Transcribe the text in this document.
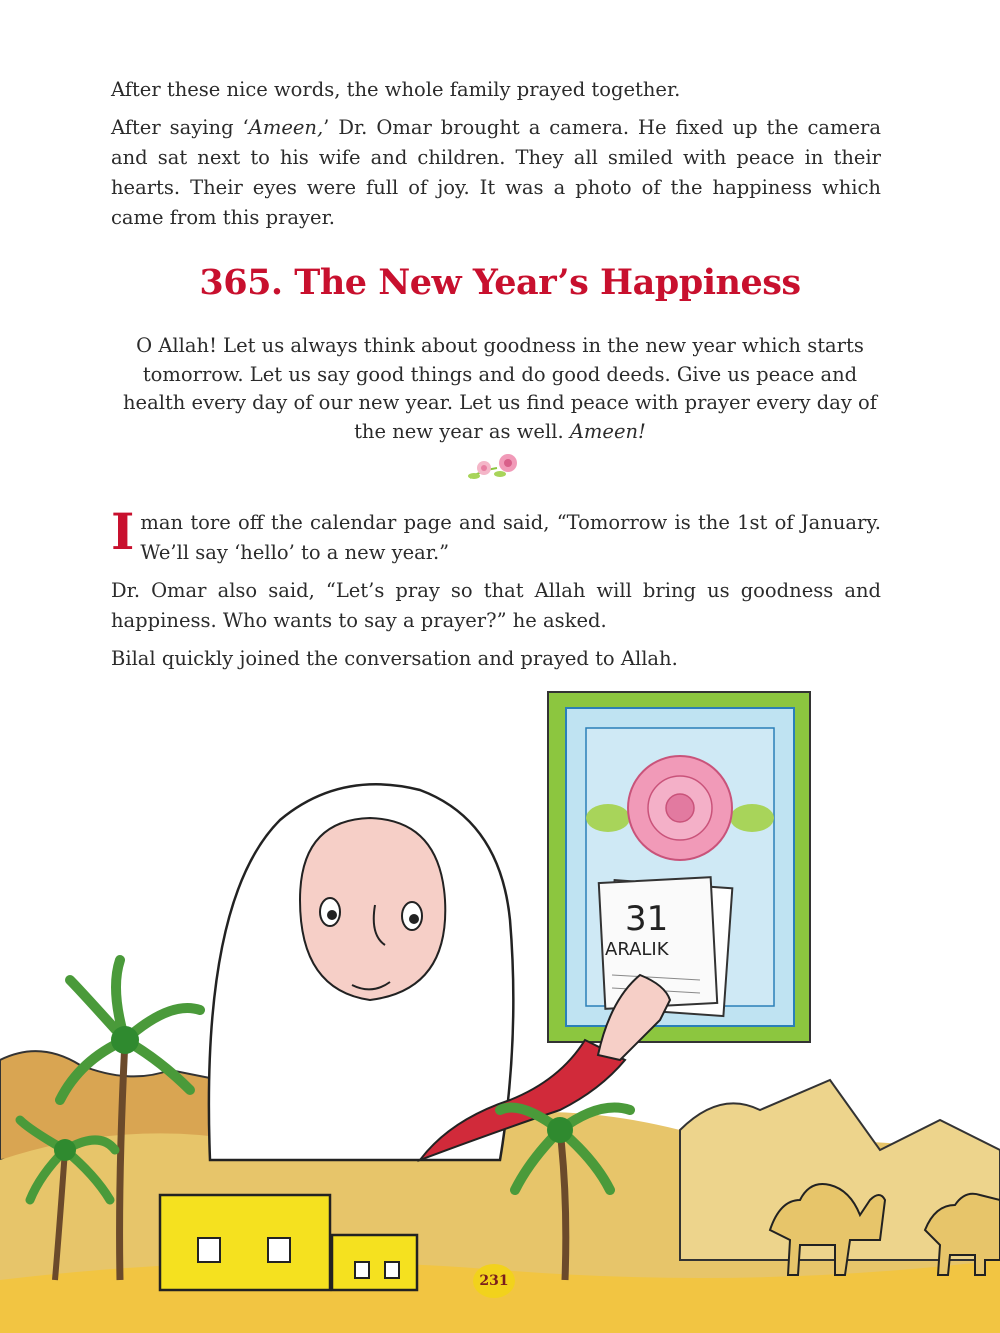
After these nice words, the whole family prayed together.

After saying ‘Ameen,’ Dr. Omar brought a camera. He fixed up the camera and sat next to his wife and children. They all smiled with peace in their hearts. Their eyes were full of joy. It was a photo of the happiness which came from this prayer.

365. The New Year’s Happiness
O Allah! Let us always think about goodness in the new year which starts tomorrow. Let us say good things and do good deeds. Give us peace and health every day of our new year. Let us find peace with prayer every day of the new year as well. Ameen!

Iman tore off the calendar page and said, “Tomorrow is the 1st of January. We’ll say ‘hello’ to a new year.”

Dr. Omar also said, “Let’s pray so that Allah will bring us goodness and happiness. Who wants to say a prayer?” he asked.

Bilal quickly joined the conversation and prayed to Allah.

31
ARALIK
231
